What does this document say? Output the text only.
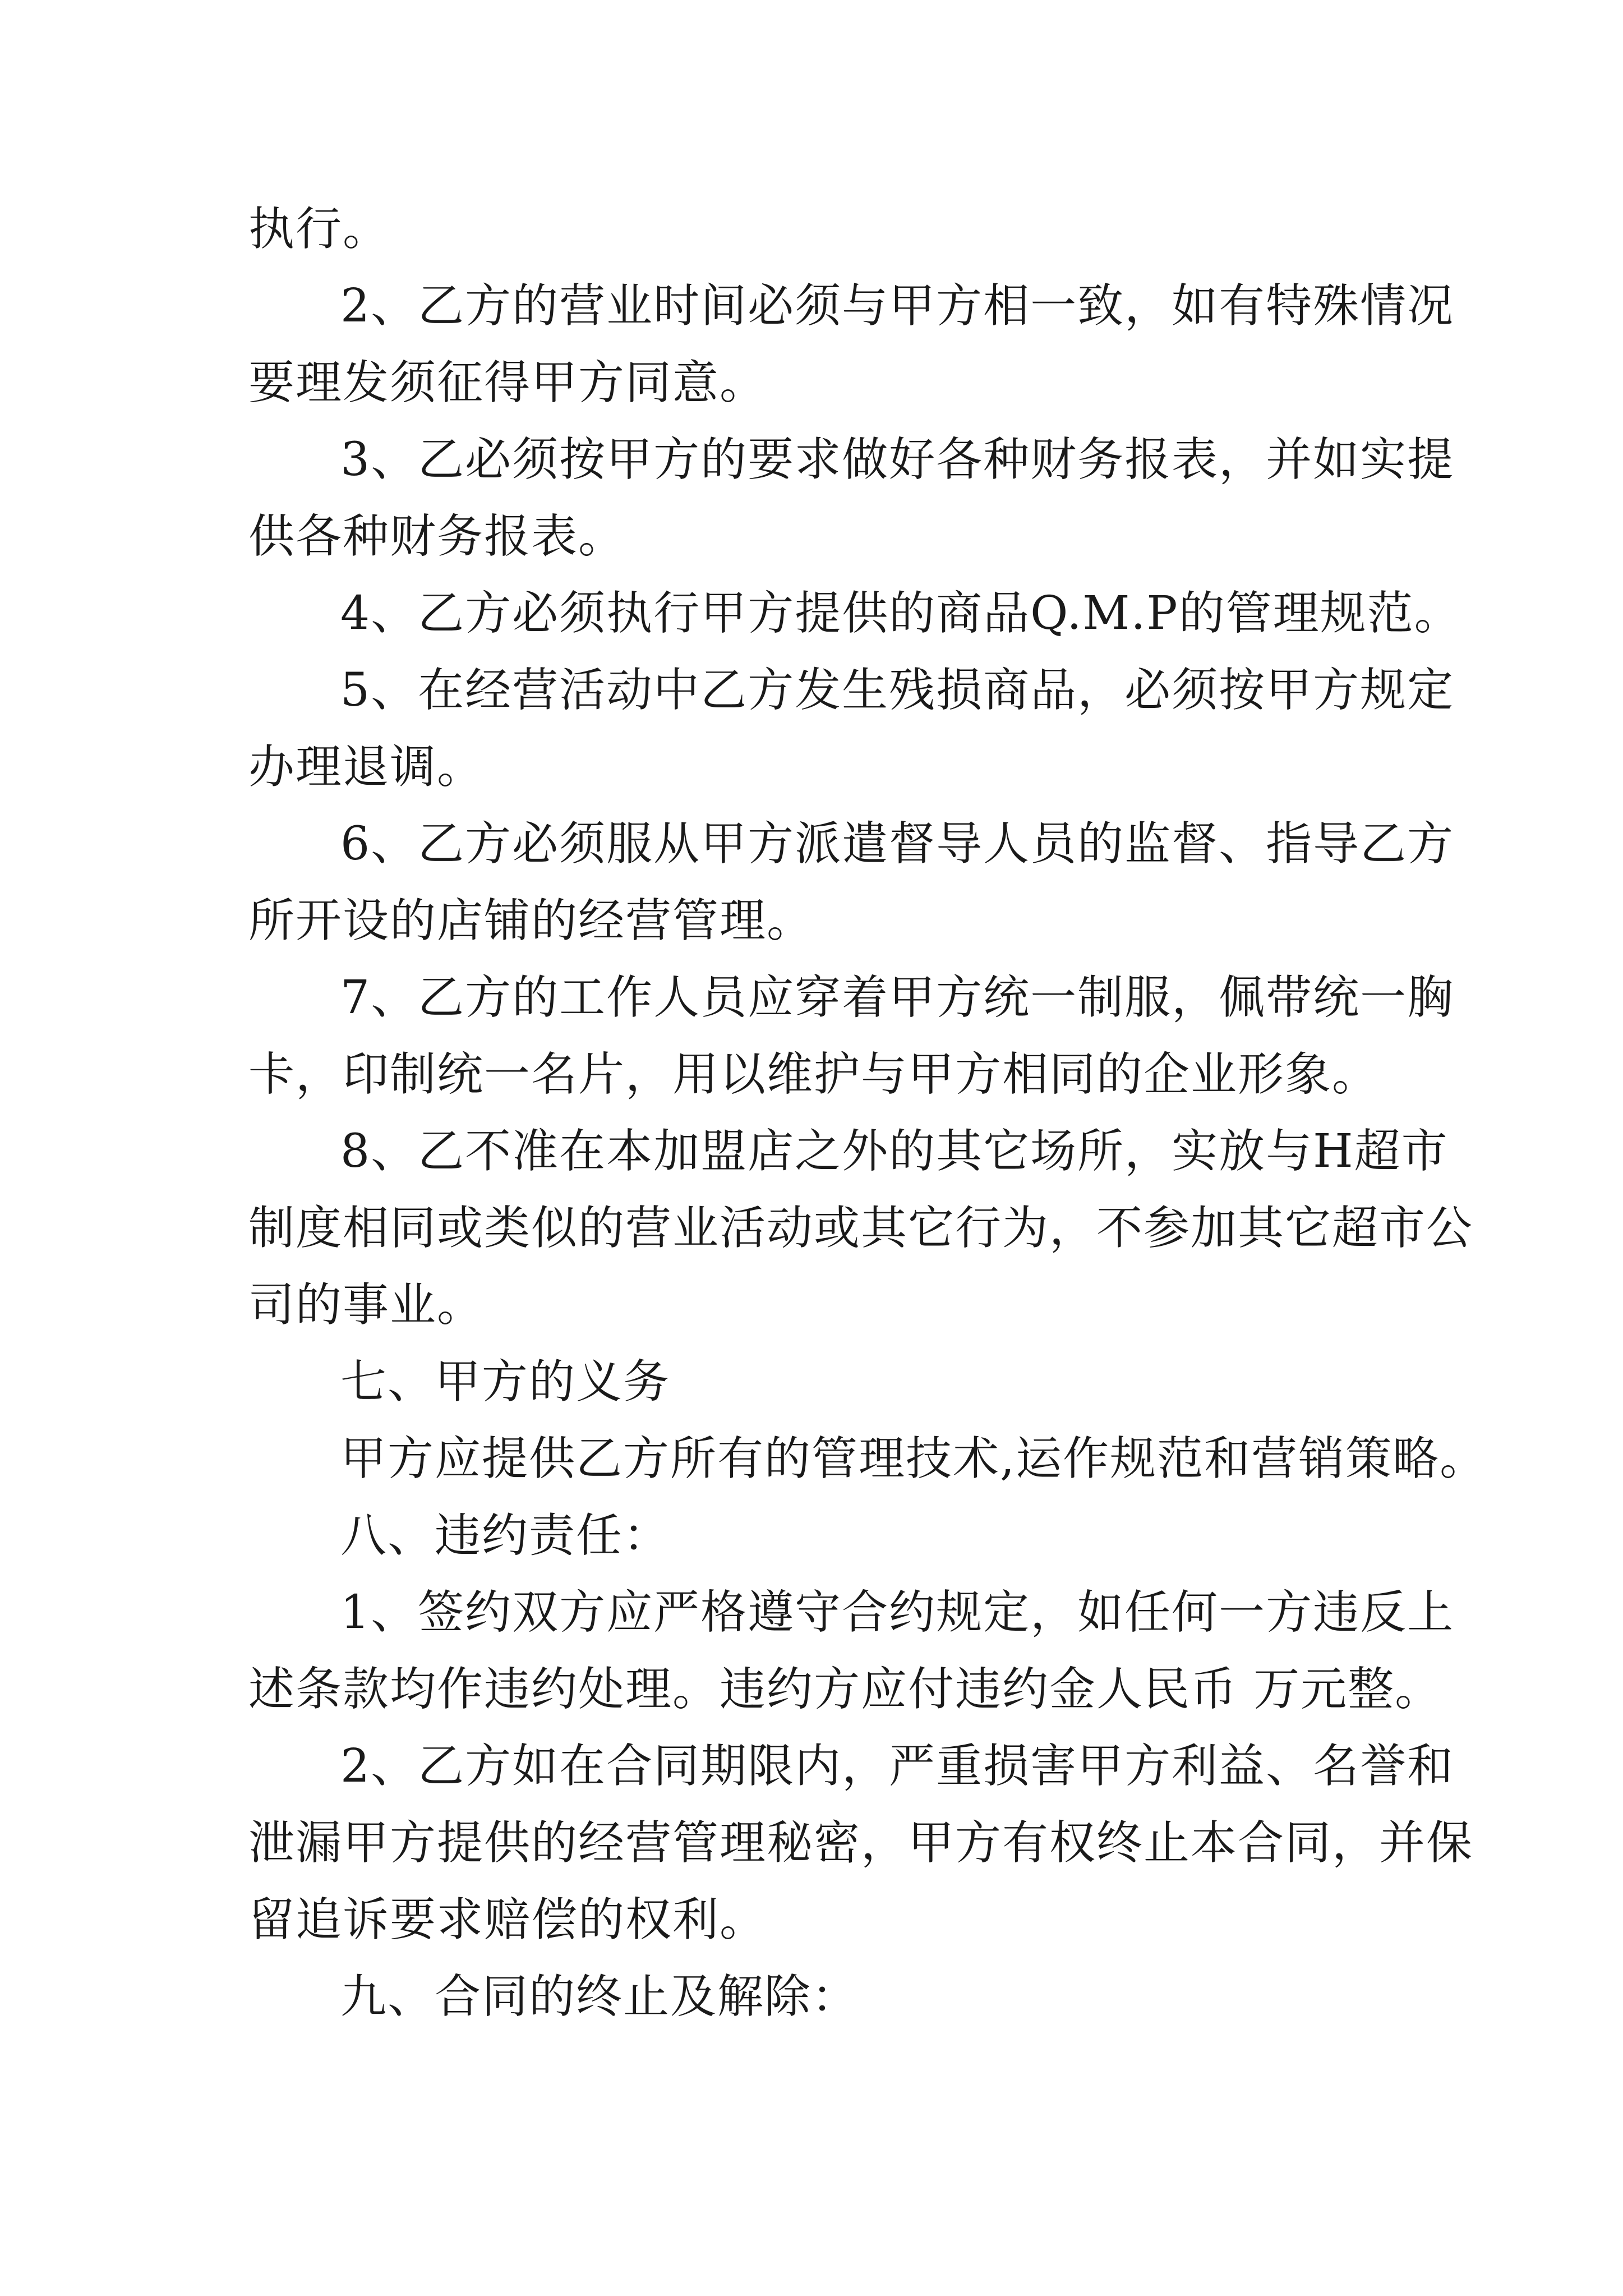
执行。
2、乙方的营业时间必须与甲方相一致，如有特殊情况
要理发须征得甲方同意。
3、乙必须按甲方的要求做好各种财务报表，并如实提
供各种财务报表。
4、乙方必须执行甲方提供的商品Q.M.P的管理规范。
5、在经营活动中乙方发生残损商品，必须按甲方规定
办理退调。
6、乙方必须服从甲方派遣督导人员的监督、指导乙方
所开设的店铺的经营管理。
7、乙方的工作人员应穿着甲方统一制服，佩带统一胸
卡，印制统一名片，用以维护与甲方相同的企业形象。
8、乙不准在本加盟店之外的其它场所，实放与H超市
制度相同或类似的营业活动或其它行为，不参加其它超市公
司的事业。
七、甲方的义务
甲方应提供乙方所有的管理技术,运作规范和营销策略。
八、违约责任：
1、签约双方应严格遵守合约规定，如任何一方违反上
述条款均作违约处理。违约方应付违约金人民币 万元整。
2、乙方如在合同期限内，严重损害甲方利益、名誉和
泄漏甲方提供的经营管理秘密，甲方有权终止本合同，并保
留追诉要求赔偿的权利。
九、合同的终止及解除：
